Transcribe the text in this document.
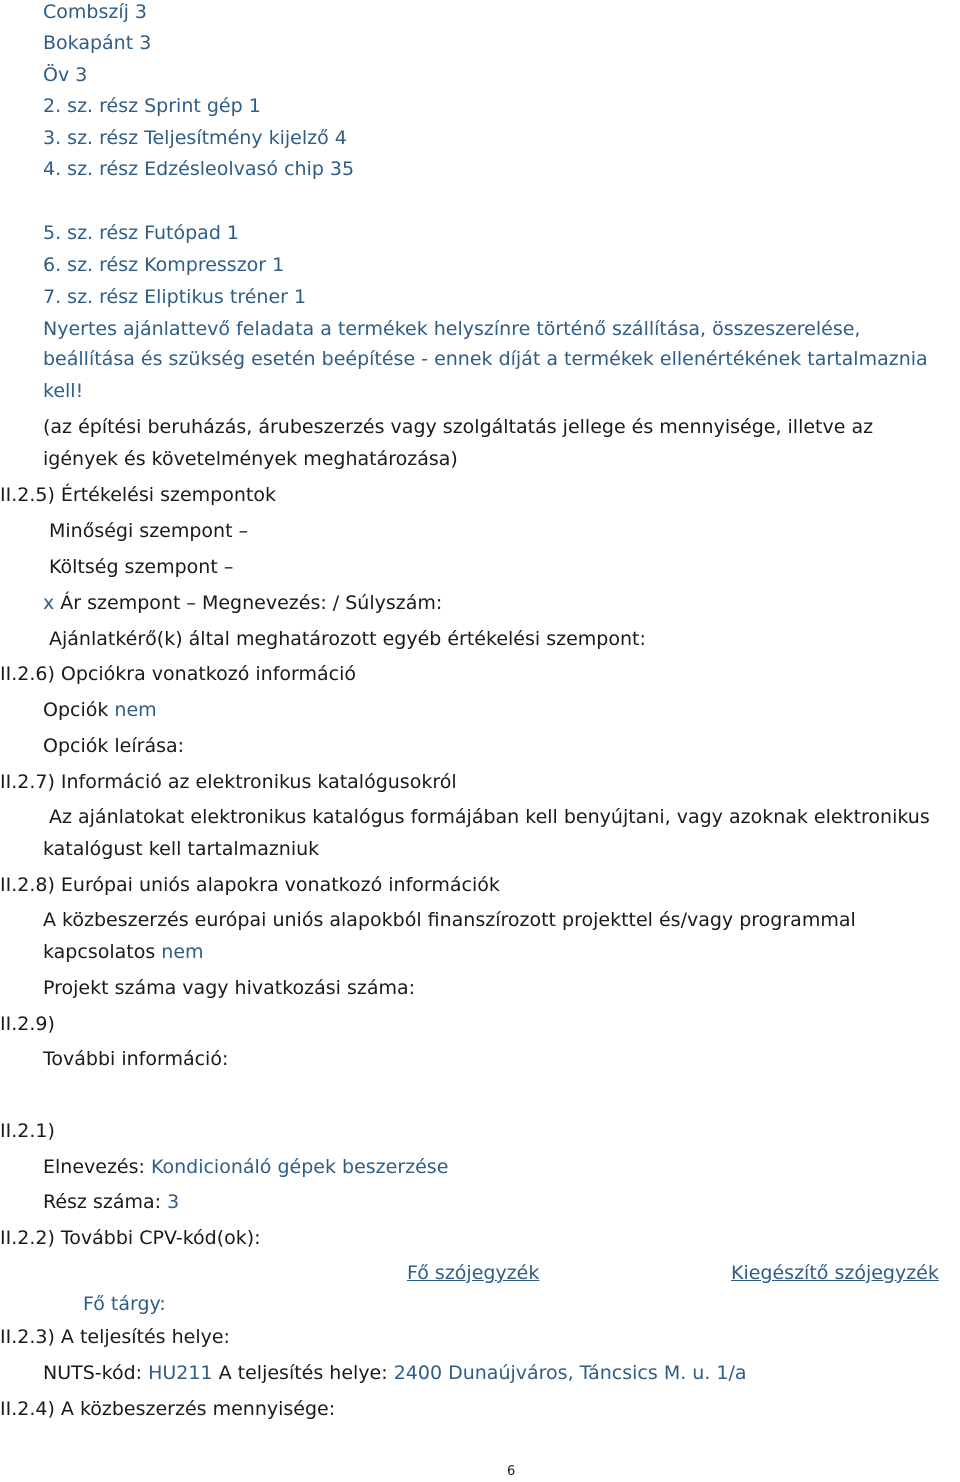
Combszíj 3
Bokapánt 3
Öv 3
2. sz. rész Sprint gép 1
3. sz. rész Teljesítmény kijelző 4
4. sz. rész Edzésleolvasó chip 35
5. sz. rész Futópad 1
6. sz. rész Kompresszor 1
7. sz. rész Eliptikus tréner 1
Nyertes ajánlattevő feladata a termékek helyszínre történő szállítása, összeszerelése,
beállítása és szükség esetén beépítése - ennek díját a termékek ellenértékének tartalmaznia
kell!
(az építési beruházás, árubeszerzés vagy szolgáltatás jellege és mennyisége, illetve az
igények és követelmények meghatározása)
II.2.5) Értékelési szempontok
Minőségi szempont –
Költség szempont –
x Ár szempont – Megnevezés: / Súlyszám:
Ajánlatkérő(k) által meghatározott egyéb értékelési szempont:
II.2.6) Opciókra vonatkozó információ
Opciók nem
Opciók leírása:
II.2.7) Információ az elektronikus katalógusokról
Az ajánlatokat elektronikus katalógus formájában kell benyújtani, vagy azoknak elektronikus
katalógust kell tartalmazniuk
II.2.8) Európai uniós alapokra vonatkozó információk
A közbeszerzés európai uniós alapokból finanszírozott projekttel és/vagy programmal
kapcsolatos nem
Projekt száma vagy hivatkozási száma:
II.2.9)
További információ:
II.2.1)
Elnevezés: Kondicionáló gépek beszerzése
Rész száma: 3
II.2.2) További CPV-kód(ok):
Fő szójegyzék	Kiegészítő szójegyzék
Fő tárgy:
II.2.3) A teljesítés helye:
NUTS-kód: HU211 A teljesítés helye: 2400 Dunaújváros, Táncsics M. u. 1/a
II.2.4) A közbeszerzés mennyisége:
6
